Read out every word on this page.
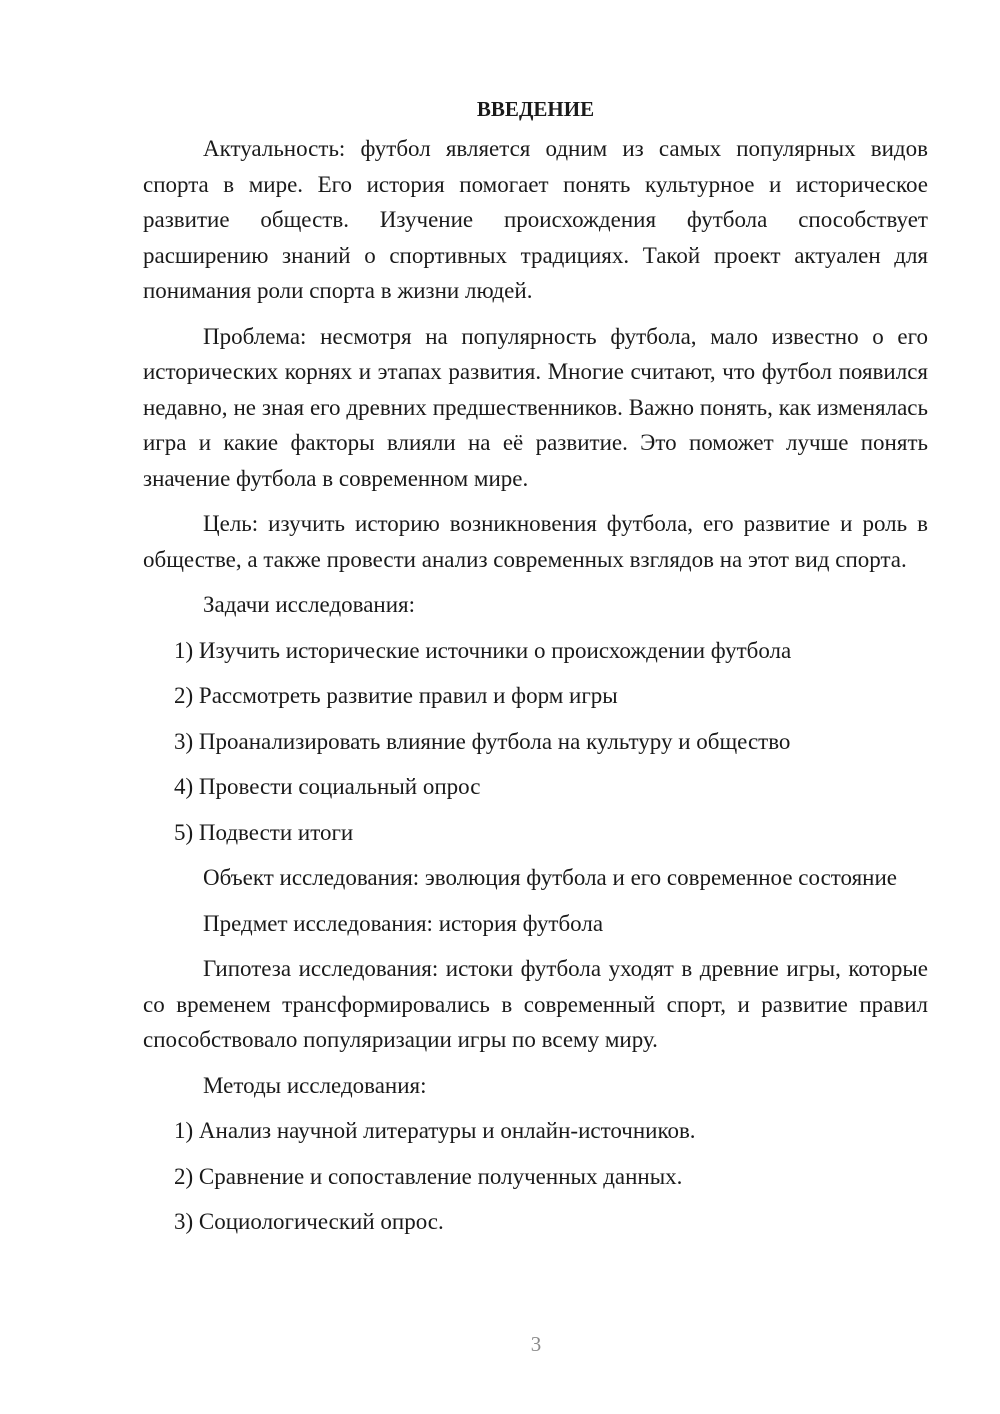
ВВЕДЕНИЕ

Актуальность: футбол является одним из самых популярных видов спорта в мире. Его история помогает понять культурное и историческое развитие обществ. Изучение происхождения футбола способствует расширению знаний о спортивных традициях. Такой проект актуален для понимания роли спорта в жизни людей.

Проблема: несмотря на популярность футбола, мало известно о его исторических корнях и этапах развития. Многие считают, что футбол появился недавно, не зная его древних предшественников. Важно понять, как изменялась игра и какие факторы влияли на её развитие. Это поможет лучше понять значение футбола в современном мире.

Цель: изучить историю возникновения футбола, его развитие и роль в обществе, а также провести анализ современных взглядов на этот вид спорта.

Задачи исследования:

1) Изучить исторические источники о происхождении футбола

2) Рассмотреть развитие правил и форм игры

3) Проанализировать влияние футбола на культуру и общество

4) Провести социальный опрос

5) Подвести итоги

Объект исследования: эволюция футбола и его современное состояние

Предмет исследования: история футбола

Гипотеза исследования: истоки футбола уходят в древние игры, которые со временем трансформировались в современный спорт, и развитие правил способствовало популяризации игры по всему миру.

Методы исследования:

1) Анализ научной литературы и онлайн-источников.

2) Сравнение и сопоставление полученных данных.

3) Социологический опрос.

3
